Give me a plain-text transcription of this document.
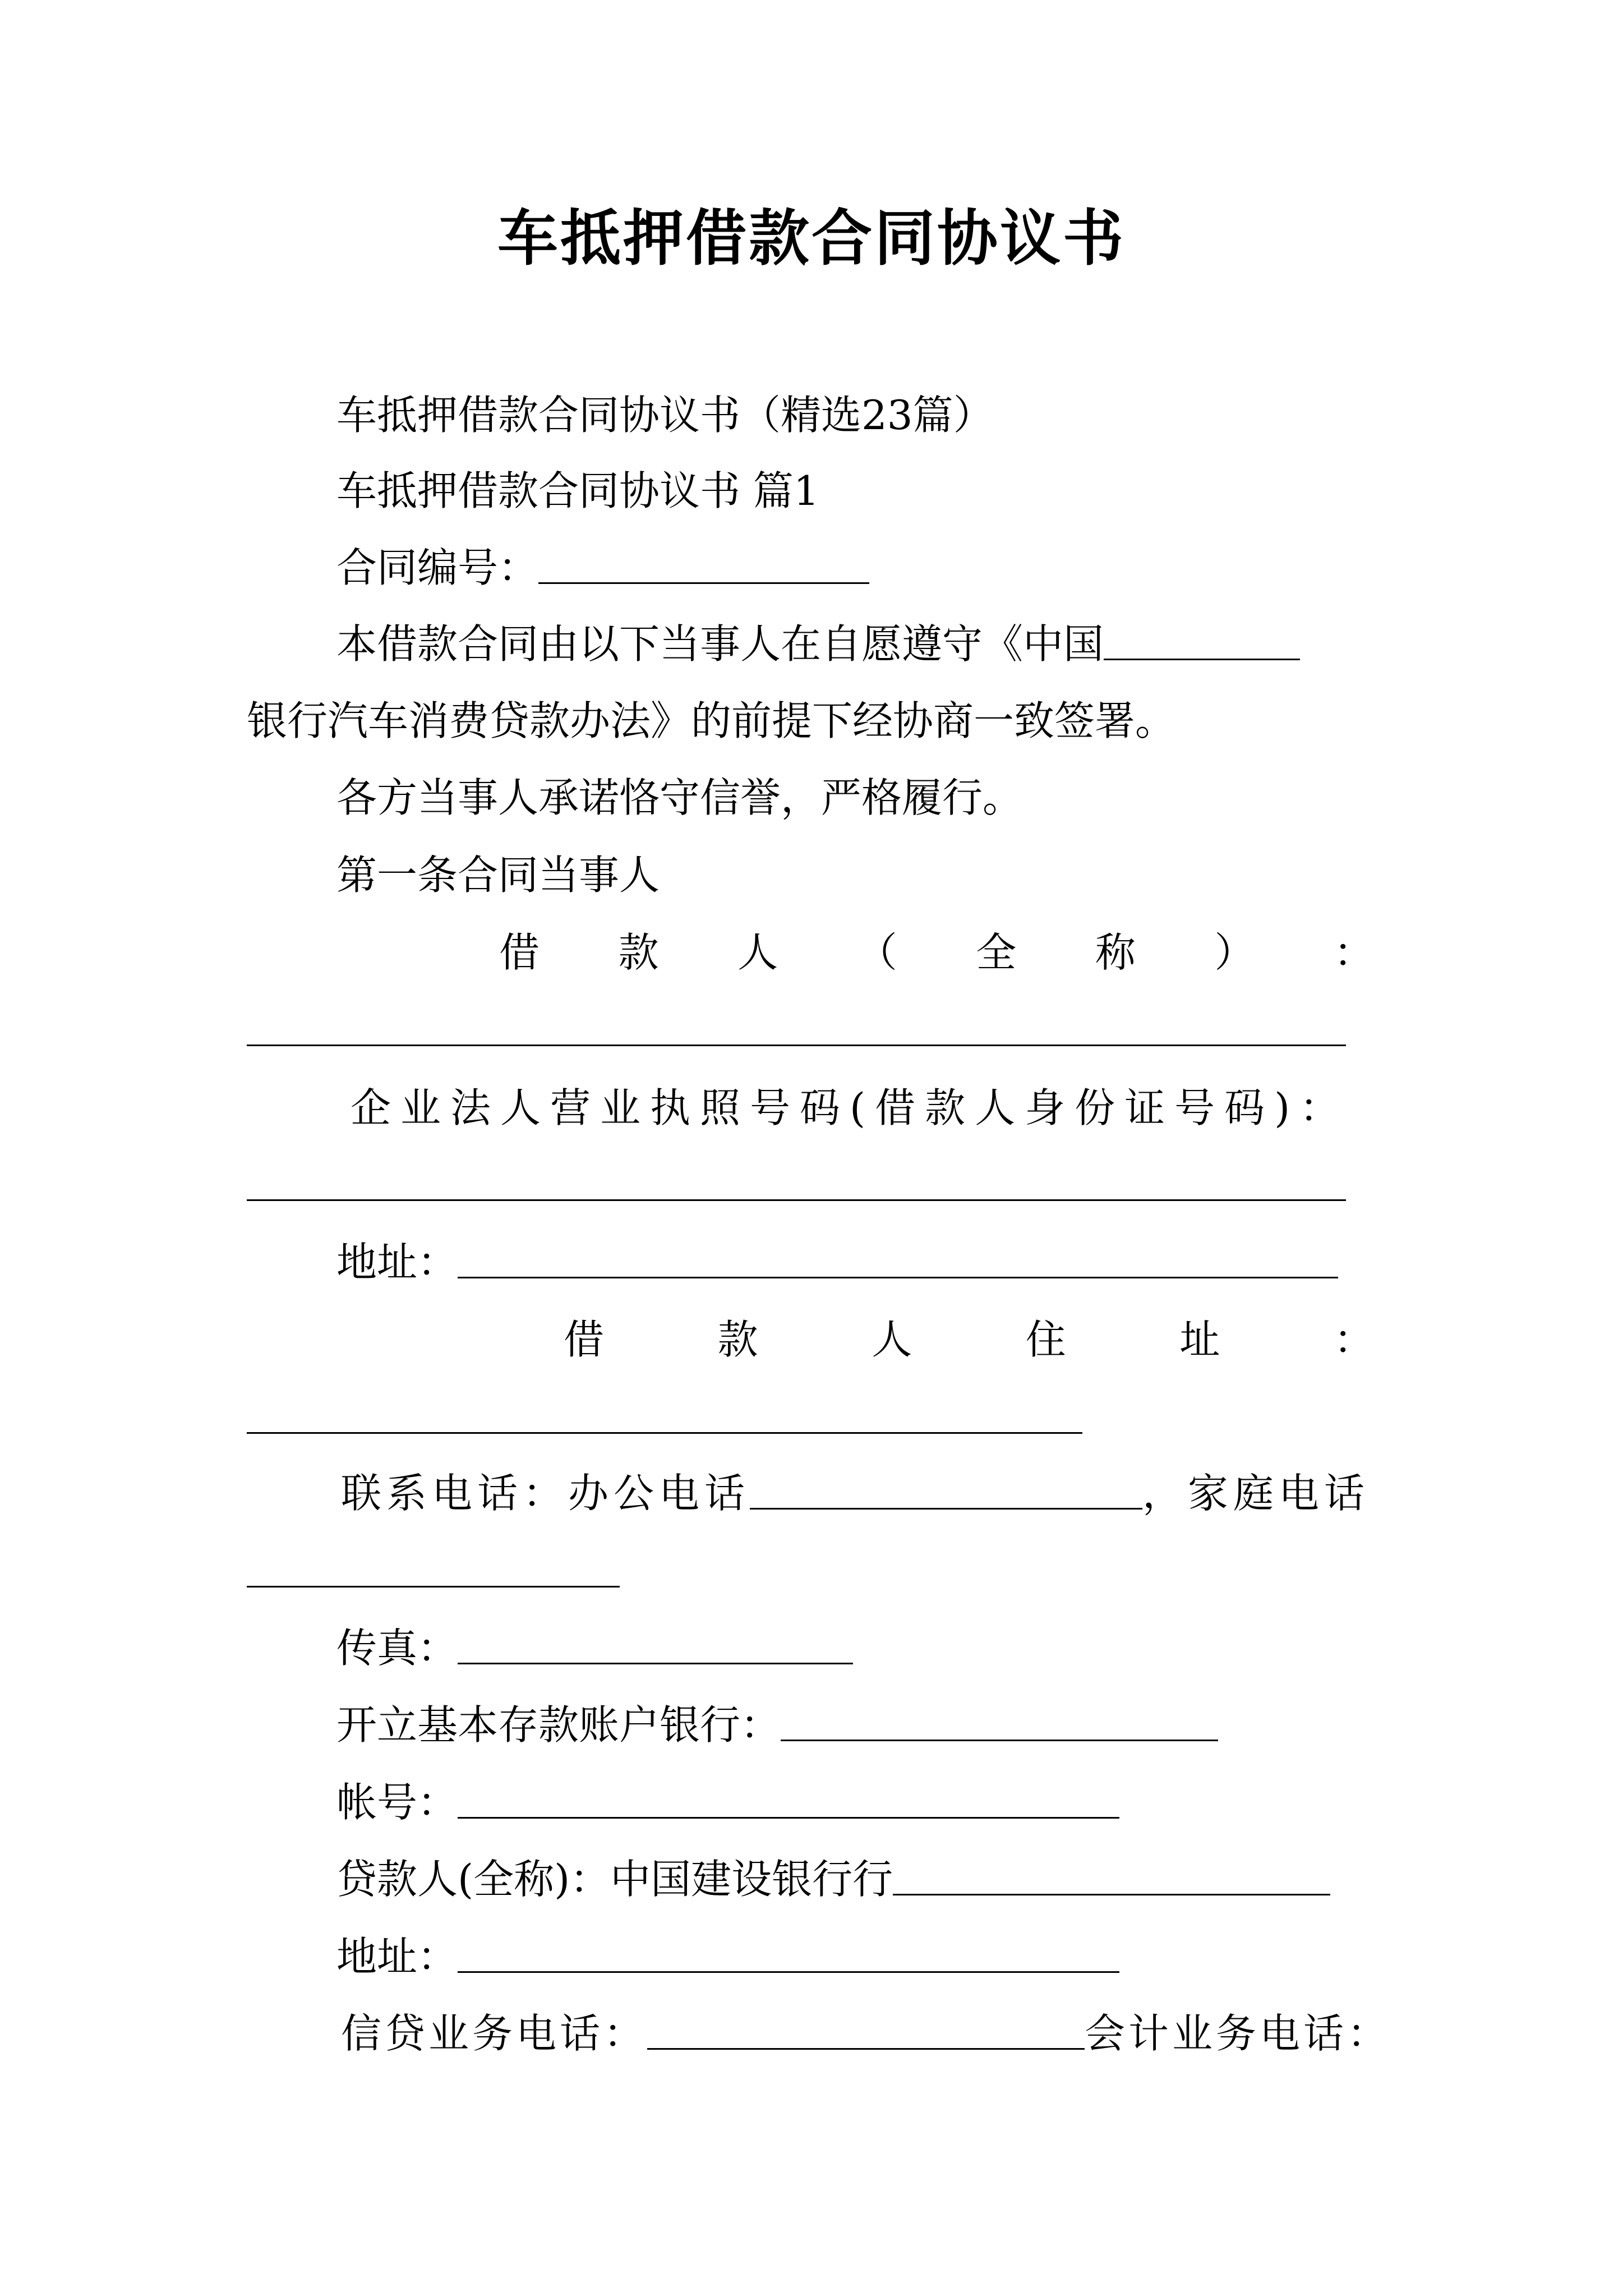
车抵押借款合同协议书
车抵押借款合同协议书（精选23篇）
车抵押借款合同协议书 篇1
合同编号：
本借款合同由以下当事人在自愿遵守《中国
银行汽车消费贷款办法》的前提下经协商一致签署。
各方当事人承诺恪守信誉，严格履行。
第一条合同当事人
借 款 人 （ 全 称 ） ：
企业法人营业执照号码(借款人身份证号码)：
地址：
借	款	人	住	址	：
联系电话：办公电话	，家庭电话
传真：
开立基本存款账户银行：
帐号：
贷款人(全称)：中国建设银行行
地址：
信贷业务电话：	会计业务电话：
